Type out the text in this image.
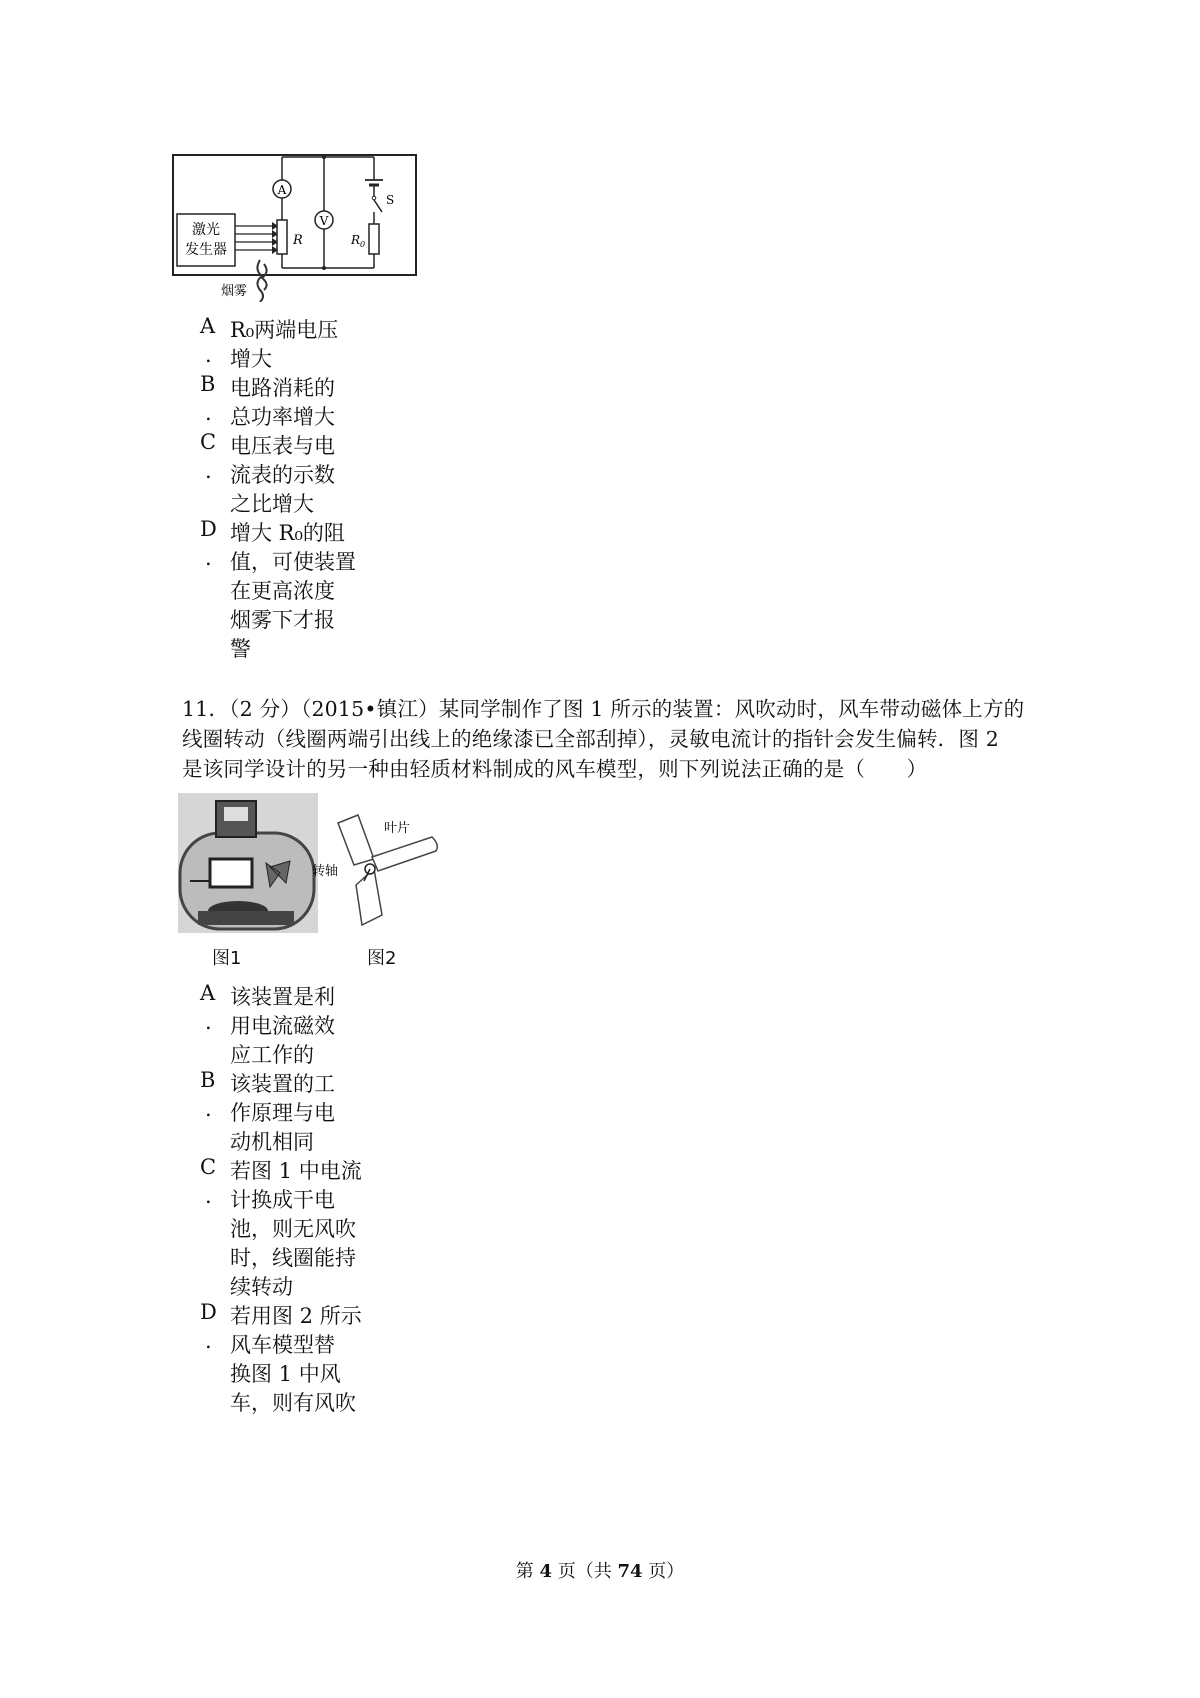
激光
发生器
A
R
V
S
$R_0$
烟雾
A R₀两端电压
. 增大
B 电路消耗的
. 总功率增大
C 电压表与电
. 流表的示数
之比增大
D 增大 R₀的阻
. 值，可使装置
在更高浓度
烟雾下才报
警
11．（2 分）（2015•镇江）某同学制作了图 1 所示的装置：风吹动时，风车带动磁体上方的
线圈转动（线圈两端引出线上的绝缘漆已全部刮掉），灵敏电流计的指针会发生偏转．图 2
是该同学设计的另一种由轻质材料制成的风车模型，则下列说法正确的是（　　）
叶片
转轴
图1	图2
A 该装置是利
. 用电流磁效
应工作的
B 该装置的工
. 作原理与电
动机相同
C 若图 1 中电流
. 计换成干电
池，则无风吹
时，线圈能持
续转动
D 若用图 2 所示
. 风车模型替
换图 1 中风
车，则有风吹
第 4 页（共 74 页）
